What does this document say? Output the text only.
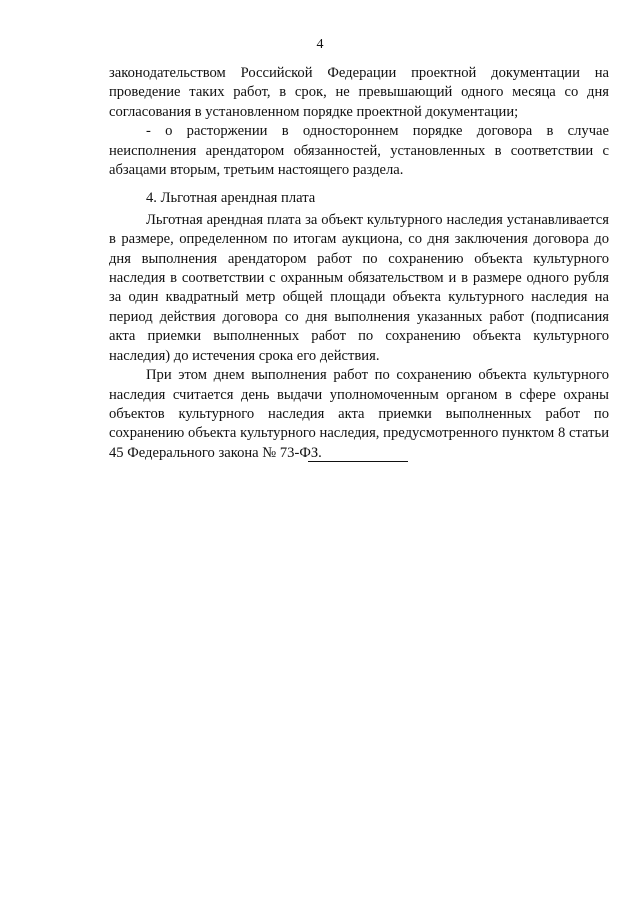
4

законодательством Российской Федерации проектной документации на проведение таких работ, в срок, не превышающий одного месяца со дня согласования в установленном порядке проектной документации;

- о расторжении в одностороннем порядке договора в случае неисполнения арендатором обязанностей, установленных в соответствии с абзацами вторым, третьим настоящего раздела.

4. Льготная арендная плата

Льготная арендная плата за объект культурного наследия устанавливается в размере, определенном по итогам аукциона, со дня заключения договора до дня выполнения арендатором работ по сохранению объекта культурного наследия в соответствии с охранным обязательством и в размере одного рубля за один квадратный метр общей площади объекта культурного наследия на период действия договора со дня выполнения указанных работ (подписания акта приемки выполненных работ по сохранению объекта культурного наследия) до истечения срока его действия.

При этом днем выполнения работ по сохранению объекта культурного наследия считается день выдачи уполномоченным органом в сфере охраны объектов культурного наследия акта приемки выполненных работ по сохранению объекта культурного наследия, предусмотренного пунктом 8 статьи 45 Федерального закона № 73-ФЗ.
